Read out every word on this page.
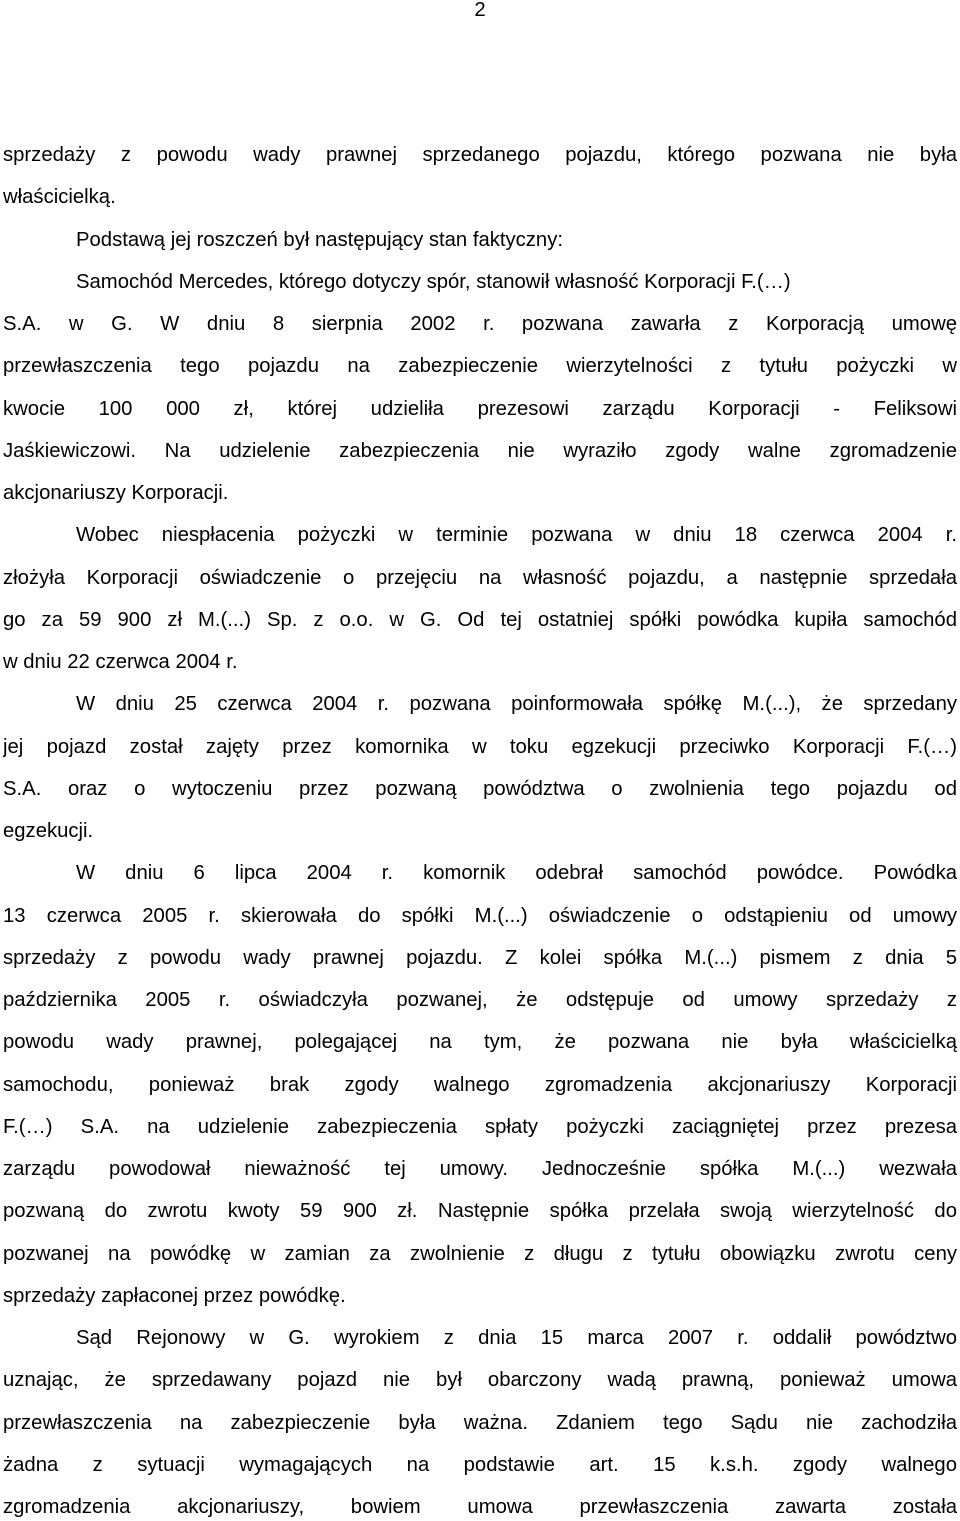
2
sprzedaży z powodu wady prawnej sprzedanego pojazdu, którego pozwana nie była
właścicielką.
Podstawą jej roszczeń był następujący stan faktyczny:
Samochód Mercedes, którego dotyczy spór, stanowił własność Korporacji F.(…)
S.A. w G. W dniu 8 sierpnia 2002 r. pozwana zawarła z Korporacją umowę
przewłaszczenia tego pojazdu na zabezpieczenie wierzytelności z tytułu pożyczki w
kwocie 100 000 zł, której udzieliła prezesowi zarządu Korporacji - Feliksowi
Jaśkiewiczowi. Na udzielenie zabezpieczenia nie wyraziło zgody walne zgromadzenie
akcjonariuszy Korporacji.
Wobec niespłacenia pożyczki w terminie pozwana w dniu 18 czerwca 2004 r.
złożyła Korporacji oświadczenie o przejęciu na własność pojazdu, a następnie sprzedała
go za 59 900 zł M.(...) Sp. z o.o. w G. Od tej ostatniej spółki powódka kupiła samochód
w dniu 22 czerwca 2004 r.
W dniu 25 czerwca 2004 r. pozwana poinformowała spółkę M.(...), że sprzedany
jej pojazd został zajęty przez komornika w toku egzekucji przeciwko Korporacji F.(…)
S.A. oraz o wytoczeniu przez pozwaną powództwa o zwolnienia tego pojazdu od
egzekucji.
W dniu 6 lipca 2004 r. komornik odebrał samochód powódce. Powódka
13 czerwca 2005 r. skierowała do spółki M.(...) oświadczenie o odstąpieniu od umowy
sprzedaży z powodu wady prawnej pojazdu. Z kolei spółka M.(...) pismem z dnia 5
października 2005 r. oświadczyła pozwanej, że odstępuje od umowy sprzedaży z
powodu wady prawnej, polegającej na tym, że pozwana nie była właścicielką
samochodu, ponieważ brak zgody walnego zgromadzenia akcjonariuszy Korporacji
F.(…) S.A. na udzielenie zabezpieczenia spłaty pożyczki zaciągniętej przez prezesa
zarządu powodował nieważność tej umowy. Jednocześnie spółka M.(...) wezwała
pozwaną do zwrotu kwoty 59 900 zł. Następnie spółka przelała swoją wierzytelność do
pozwanej na powódkę w zamian za zwolnienie z długu z tytułu obowiązku zwrotu ceny
sprzedaży zapłaconej przez powódkę.
Sąd Rejonowy w G. wyrokiem z dnia 15 marca 2007 r. oddalił powództwo
uznając, że sprzedawany pojazd nie był obarczony wadą prawną, ponieważ umowa
przewłaszczenia na zabezpieczenie była ważna. Zdaniem tego Sądu nie zachodziła
żadna z sytuacji wymagających na podstawie art. 15 k.s.h. zgody walnego
zgromadzenia akcjonariuszy, bowiem umowa przewłaszczenia zawarta została
